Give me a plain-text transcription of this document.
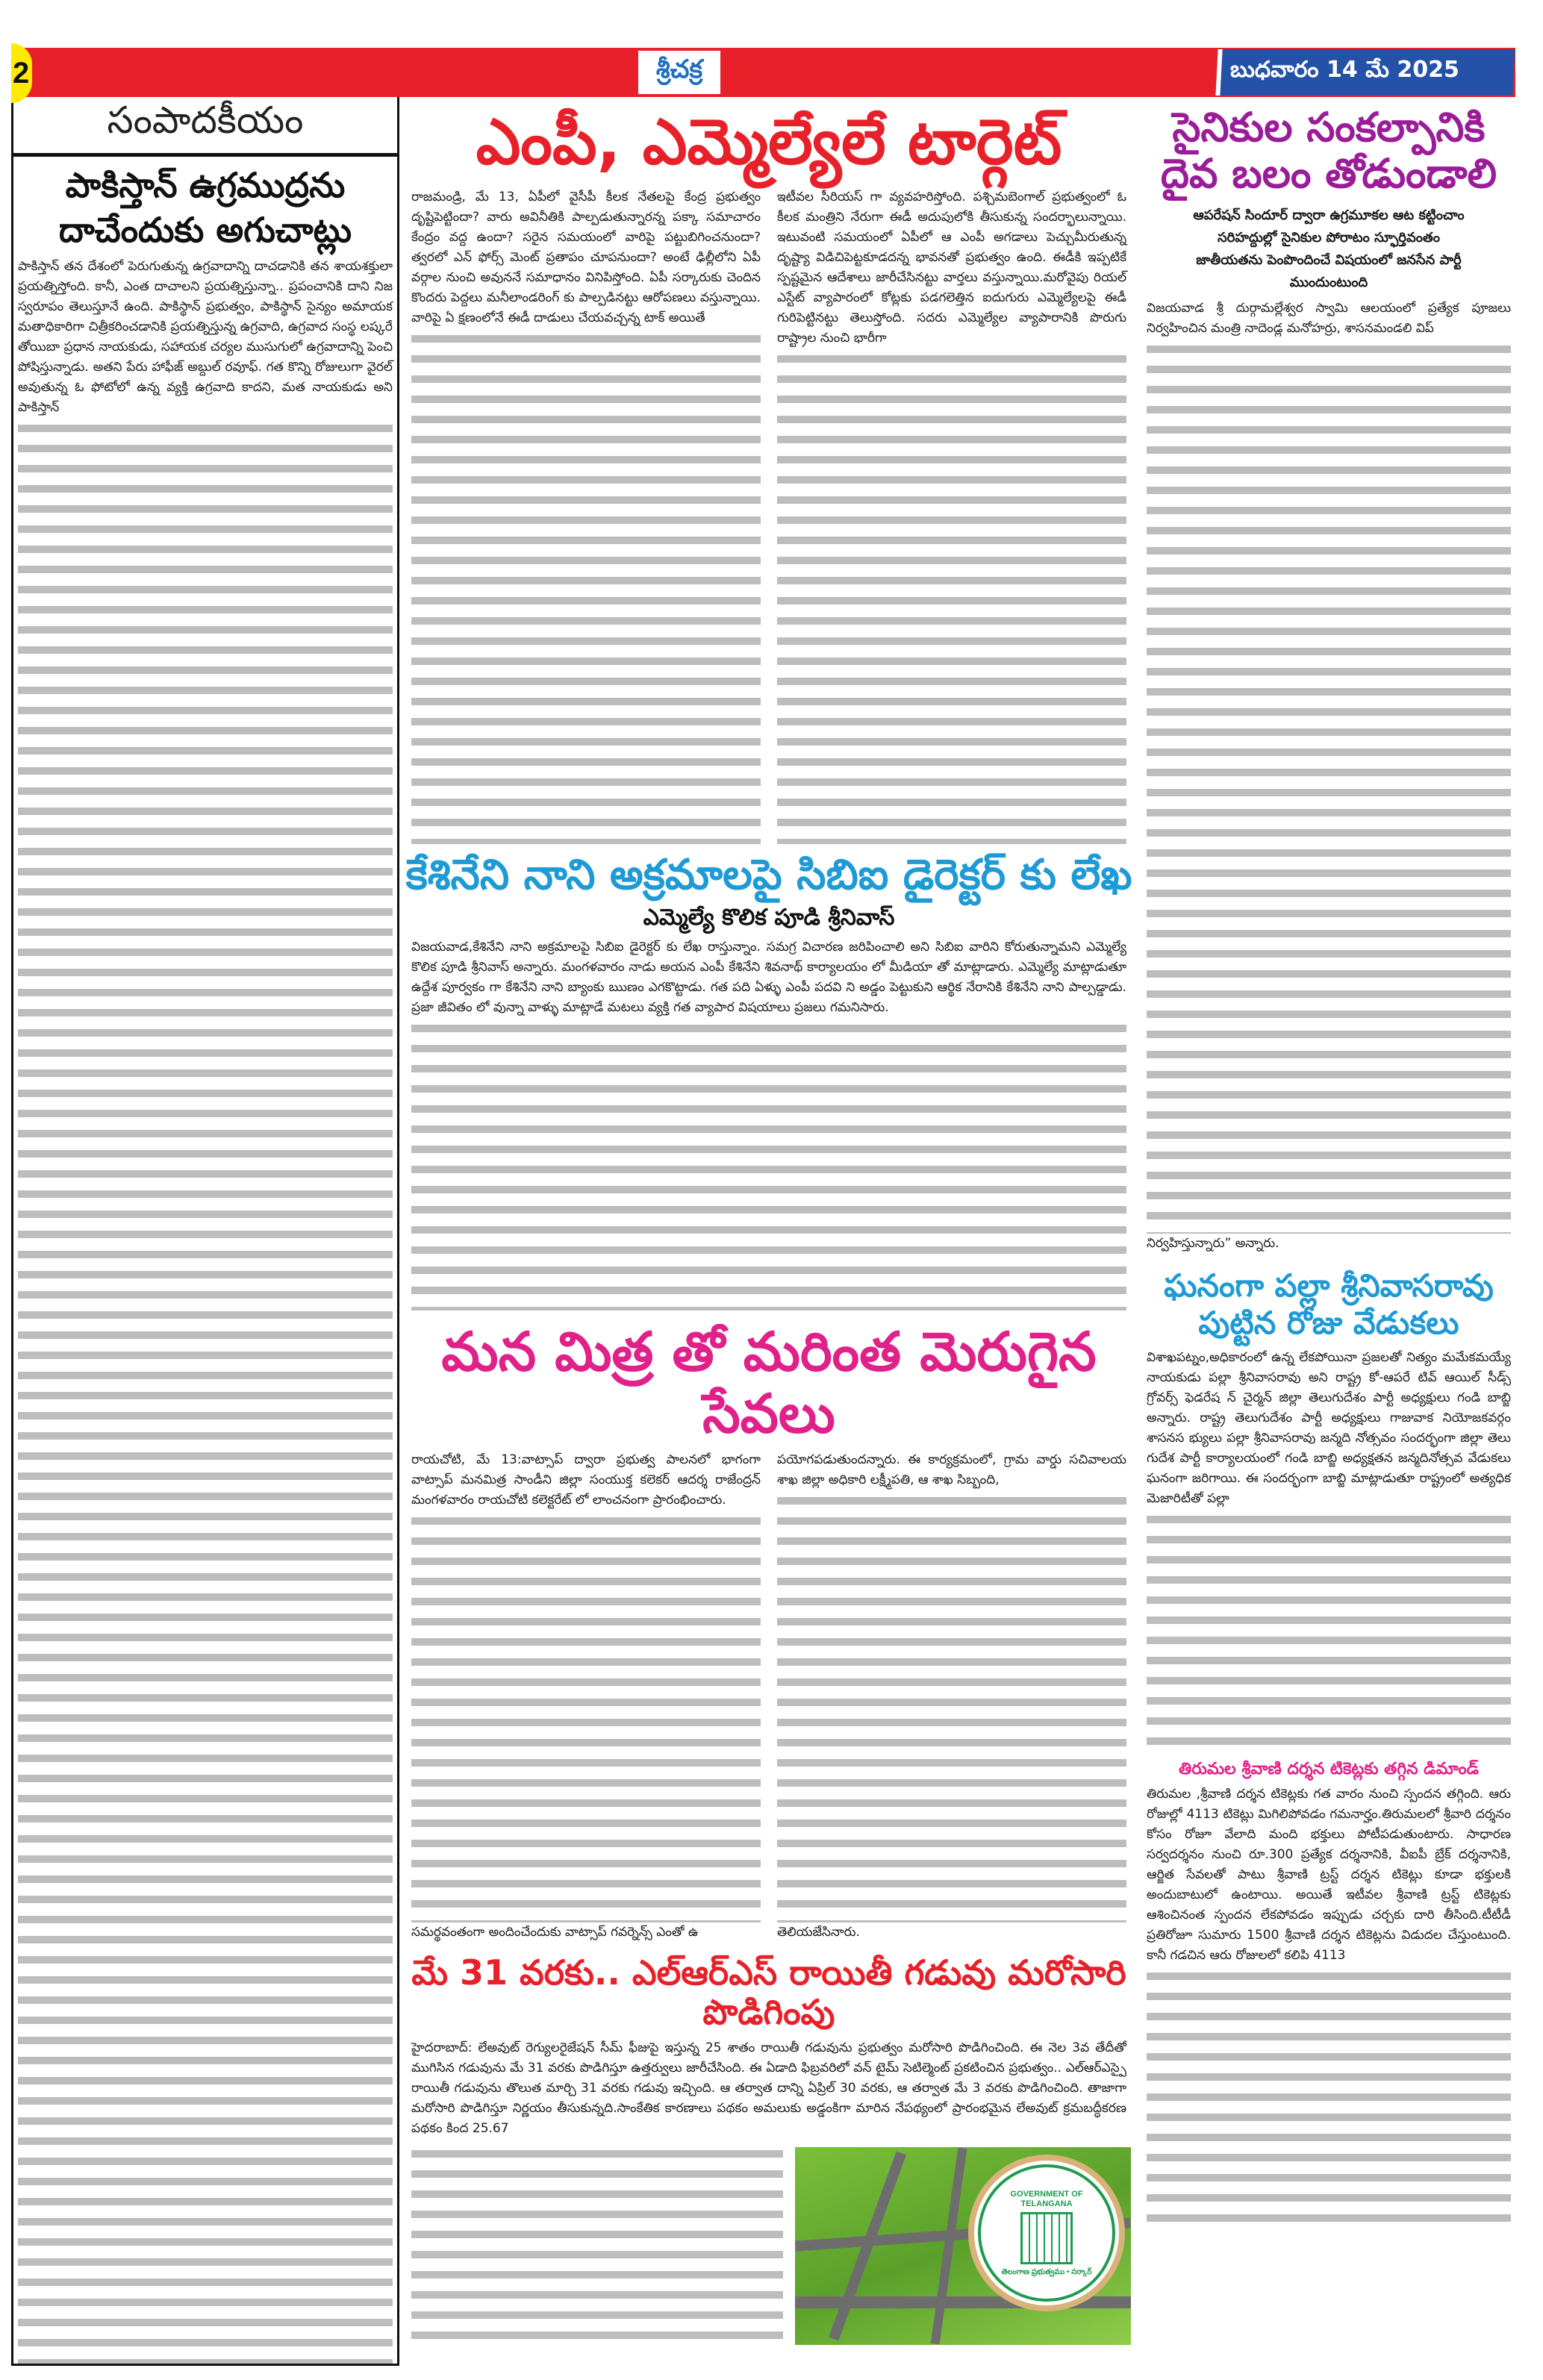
2	శ్రీచక్ర	బుధవారం 14 మే 2025
సంపాదకీయం
పాకిస్తాన్ ఉగ్రముద్రను
దాచేందుకు అగుచాట్లు

పాకిస్తాన్ తన దేశంలో పెరుగుతున్న ఉగ్రవాదాన్ని దాచడానికి తన శాయశక్తులా ప్రయత్నిస్తోంది. కానీ, ఎంత దాచాలని ప్రయత్నిస్తున్నా.. ప్రపంచానికి దాని నిజ స్వరూపం తెలుస్తూనే ఉంది. పాకిస్థాన్ ప్రభుత్వం, పాకిస్థాన్ సైన్యం అమాయక మతాధికారిగా చిత్రీకరించడానికి ప్రయత్నిస్తున్న ఉగ్రవాది, ఉగ్రవాద సంస్థ లష్కరే తోయిబా ప్రధాన నాయకుడు, సహాయక చర్యల ముసుగులో ఉగ్రవాదాన్ని పెంచి పోషిస్తున్నాడు. అతని పేరు హాఫీజ్ అబ్దుల్ రవూఫ్. గత కొన్ని రోజులుగా వైరల్ అవుతున్న ఓ ఫోటోలో ఉన్న వ్యక్తి ఉగ్రవాది కాదని, మత నాయకుడు అని పాకిస్తాన్

ఎంపీ, ఎమ్మెల్యేలే టార్గెట్

రాజమండ్రి, మే 13, ఏపీలో వైసీపీ కీలక నేతలపై కేంద్ర ప్రభుత్వం దృష్టిపెట్టిందా? వారు అవినీతికి పాల్పడుతున్నారన్న పక్కా సమాచారం కేంద్రం వద్ద ఉందా? సరైన సమయంలో వారిపై పట్టుబిగించనుందా? త్వరలో ఎన్ ఫోర్స్ మెంట్ ప్రతాపం చూపనుందా? అంటే ఢిల్లీలోని ఏపీ వర్గాల నుంచి అవుననే సమాధానం వినిపిస్తోంది. ఏపీ సర్కారుకు చెందిన కొందరు పెద్దలు మనీలాండరింగ్ కు పాల్పడినట్టు ఆరోపణలు వస్తున్నాయి. వారిపై ఏ క్షణంలోనే ఈడీ దాడులు చేయవచ్చన్న టాక్ అయితే

ఇటీవల సీరియస్ గా వ్యవహరిస్తోంది. పశ్చిమబెంగాల్ ప్రభుత్వంలో ఓ కీలక మంత్రిని నేరుగా ఈడీ అదుపులోకి తీసుకున్న సందర్భాలున్నాయి. ఇటువంటి సమయంలో ఏపీలో ఆ ఎంపీ అగడాలు పెచ్చుమీరుతున్న దృష్ట్యా విడిచిపెట్టకూడదన్న భావనతో ప్రభుత్వం ఉంది. ఈడీకి ఇప్పటికే స్పష్టమైన ఆదేశాలు జారీచేసినట్టు వార్తలు వస్తున్నాయి.మరోవైపు రియల్ ఎస్టేట్ వ్యాపారంలో కోట్లకు పడగలెత్తిన ఐదుగురు ఎమ్మెల్యేలపై ఈడీ గురిపెట్టినట్టు తెలుస్తోంది. సదరు ఎమ్మెల్యేల వ్యాపారానికి పొరుగు రాష్ట్రాల నుంచి భారీగా

కేశినేని నాని అక్రమాలపై సిబిఐ డైరెక్టర్ కు లేఖ
ఎమ్మెల్యే కొలిక పూడి శ్రీనివాస్

విజయవాడ,కేశినేని నాని అక్రమాలపై సిబిఐ డైరెక్టర్ కు లేఖ రాస్తున్నాం. సమగ్ర విచారణ జరిపించాలి అని సిబిఐ వారిని కోరుతున్నామని ఎమ్మెల్యే కొలిక పూడి శ్రీనివాస్ అన్నారు. మంగళవారం నాడు అయన ఎంపీ కేశినేని శివనాథ్ కార్యాలయం లో మీడియా తో మాట్లాడారు. ఎమ్మెల్యే మాట్లాడుతూ ఉద్దేశ పూర్వకం గా కేశినేని నాని బ్యాంకు ఋణం ఎగకొట్టాడు. గత పది ఏళ్ళు ఎంపీ పదవి ని అడ్డం పెట్టుకుని ఆర్థిక నేరానికి కేశినేని నాని పాల్పడ్డాడు. ప్రజా జీవితం లో వున్నా వాళ్ళు మాట్లాడే మటలు వ్యక్తి గత వ్యాపార విషయాలు ప్రజలు గమనిసారు.

మన మిత్ర తో మరింత మెరుగైన సేవలు

రాయచోటి, మే 13:వాట్సాప్ ద్వారా ప్రభుత్వ పాలనలో భాగంగా వాట్సాప్ మనమిత్ర సాండీని జిల్లా సంయుక్త కలెకర్ ఆదర్శ రాజేంద్రన్ మంగళవారం రాయచోటి కలెక్టరేట్ లో లాంచనంగా ప్రారంభించారు.

సమర్థవంతంగా అందించేందుకు వాట్సాప్ గవర్నెన్స్ ఎంతో ఉ

పయోగపడుతుందన్నారు. ఈ కార్యక్రమంలో, గ్రామ వార్డు సచివాలయ శాఖ జిల్లా అధికారి లక్ష్మీపతి, ఆ శాఖ సిబ్బంది,

తెలియజేసినారు.

మే 31 వరకు.. ఎల్ఆర్ఎస్ రాయితీ గడువు మరోసారి పొడిగింపు

హైదరాబాద్: లేఅవుట్ రెగ్యులరైజేషన్ సీమ్ ఫీజుపై ఇస్తున్న 25 శాతం రాయితీ గడువును ప్రభుత్వం మరోసారి పొడిగించింది. ఈ నెల 3వ తేదీతో ముగిసిన గడువును మే 31 వరకు పొడిగిస్తూ ఉత్తర్వులు జారీచేసింది. ఈ ఏడాది ఫిబ్రవరిలో వన్ టైమ్ సెటిల్మెంట్ ప్రకటించిన ప్రభుత్వం.. ఎల్ఆర్ఎస్పై రాయితీ గడువును తొలుత మార్చి 31 వరకు గడువు ఇచ్చింది. ఆ తర్వాత దాన్ని ఏప్రిల్ 30 వరకు, ఆ తర్వాత మే 3 వరకు పొడిగించింది. తాజాగా మరోసారి పొడిగిస్తూ నిర్ణయం తీసుకున్నది.సాంకేతిక కారణాలు పథకం అమలుకు అడ్డంకిగా మారిన నేపథ్యంలో ప్రారంభమైన లేఅవుట్ క్రమబద్ధీకరణ పథకం కింద 25.67

GOVERNMENT OF TELANGANA
తెలంగాణ ప్రభుత్వము • సర్కార్
సైనికుల సంకల్పానికి
దైవ బలం తోడుండాలి
ఆపరేషన్ సిందూర్ ద్వారా ఉగ్రమూకల ఆట కట్టించాం
సరిహద్దుల్లో సైనికుల పోరాటం స్ఫూర్తివంతం
జాతీయతను పెంపొందించే విషయంలో జనసేన పార్టీ
ముందుంటుంది

విజయవాడ శ్రీ దుర్గామల్లేశ్వర స్వామి ఆలయంలో ప్రత్యేక పూజలు నిర్వహించిన మంత్రి నాదెండ్ల మనోహర్రు, శాసనమండలి విప్

నిర్వహిస్తున్నారు” అన్నారు.

ఘనంగా పల్లా శ్రీనివాసరావు
పుట్టిన రోజు వేడుకలు

విశాఖపట్నం,అధికారంలో ఉన్న లేకపోయినా ప్రజలతో నిత్యం మమేకమయ్యే నాయకుడు పల్లా శ్రీనివాసరావు అని రాష్ట్ర కో-ఆపరే టివ్ ఆయిల్ సీడ్స్ గ్రోవర్స్ ఫెడరేష న్ చైర్మన్ జిల్లా తెలుగుదేశం పార్టీ అధ్యక్షులు గండి బాబ్జి అన్నారు. రాష్ట్ర తెలుగుదేశం పార్టీ అధ్యక్షులు గాజువాక నియోజకవర్గం శాసనస భ్యులు పల్లా శ్రీనివాసరావు జన్మది నోత్సవం సందర్భంగా జిల్లా తెలు గుదేశ పార్టీ కార్యాలయంలో గండి బాబ్జి అధ్యక్షతన జన్మదినోత్సవ వేడుకలు ఘనంగా జరిగాయి. ఈ సందర్భంగా బాబ్జి మాట్లాడుతూ రాష్ట్రంలో అత్యధిక మెజారిటీతో పల్లా

తిరుమల శ్రీవాణి దర్శన టికెట్లకు తగ్గిన డిమాండ్

తిరుమల ,శ్రీవాణి దర్శన టికెట్లకు గత వారం నుంచి స్పందన తగ్గింది. ఆరు రోజుల్లో 4113 టికెట్లు మిగిలిపోవడం గమనార్హం.తిరుమలలో శ్రీవారి దర్శనం కోసం రోజూ వేలాది మంది భక్తులు పోటీపడుతుంటారు. సాధారణ సర్వదర్శనం నుంచి రూ.300 ప్రత్యేక దర్శనానికి, వీఐపీ బ్రేక్ దర్శనానికి, ఆర్జిత సేవలతో పాటు శ్రీవాణి ట్రస్ట్ దర్శన టికెట్లు కూడా భక్తులకి అందుబాటులో ఉంటాయి. అయితే ఇటీవల శ్రీవాణి ట్రస్ట్ టికెట్లకు ఆశించినంత స్పందన లేకపోవడం ఇప్పుడు చర్చకు దారి తీసింది.టీటీడీ ప్రతిరోజూ సుమారు 1500 శ్రీవాణి దర్శన టికెట్లను విడుదల చేస్తుంటుంది. కానీ గడచిన ఆరు రోజులలో కలిపి 4113
